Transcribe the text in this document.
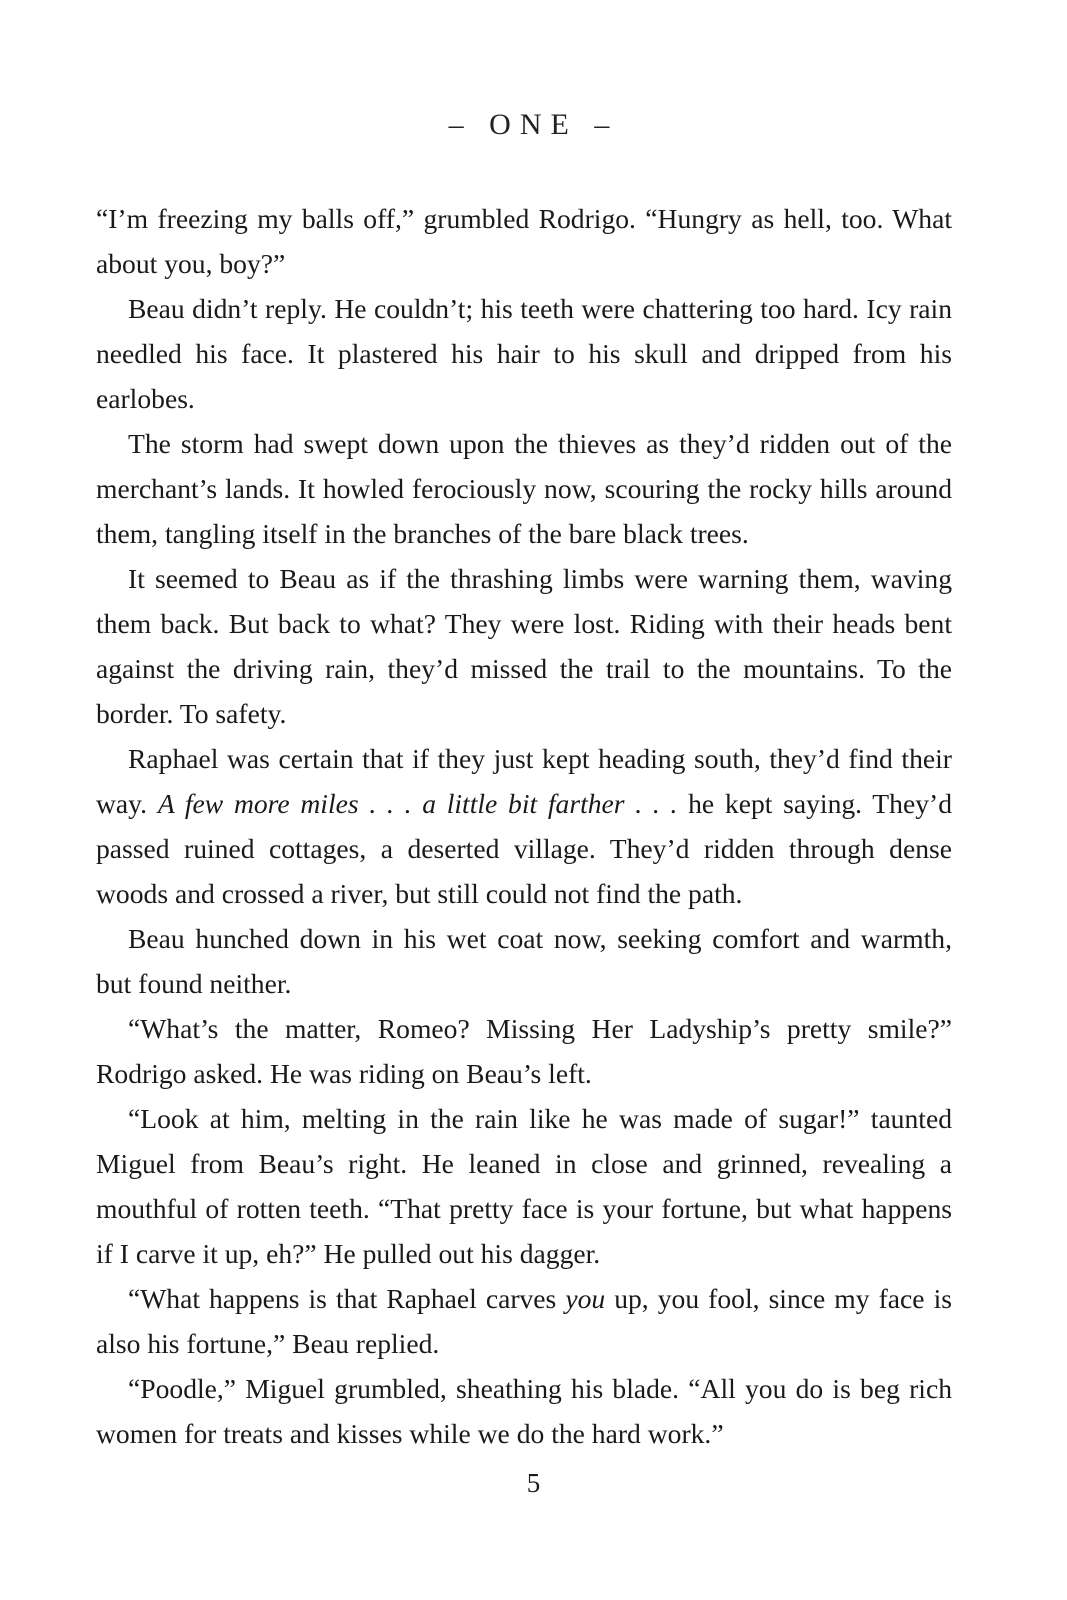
– ONE –

“I’m freezing my balls off,” grumbled Rodrigo. “Hungry as hell, too. What about you, boy?”

Beau didn’t reply. He couldn’t; his teeth were chattering too hard. Icy rain needled his face. It plastered his hair to his skull and dripped from his earlobes.

The storm had swept down upon the thieves as they’d ridden out of the merchant’s lands. It howled ferociously now, scouring the rocky hills around them, tangling itself in the branches of the bare black trees.

It seemed to Beau as if the thrashing limbs were warning them, waving them back. But back to what? They were lost. Riding with their heads bent against the driving rain, they’d missed the trail to the mountains. To the border. To safety.

Raphael was certain that if they just kept heading south, they’d find their way. A few more miles . . . a little bit farther . . . he kept saying. They’d passed ruined cottages, a deserted village. They’d ridden through dense woods and crossed a river, but still could not find the path.

Beau hunched down in his wet coat now, seeking comfort and warmth, but found neither.

“What’s the matter, Romeo? Missing Her Ladyship’s pretty smile?” Rodrigo asked. He was riding on Beau’s left.

“Look at him, melting in the rain like he was made of sugar!” taunted Miguel from Beau’s right. He leaned in close and grinned, revealing a mouthful of rotten teeth. “That pretty face is your fortune, but what happens if I carve it up, eh?” He pulled out his dagger.

“What happens is that Raphael carves you up, you fool, since my face is also his fortune,” Beau replied.

“Poodle,” Miguel grumbled, sheathing his blade. “All you do is beg rich women for treats and kisses while we do the hard work.”

5
